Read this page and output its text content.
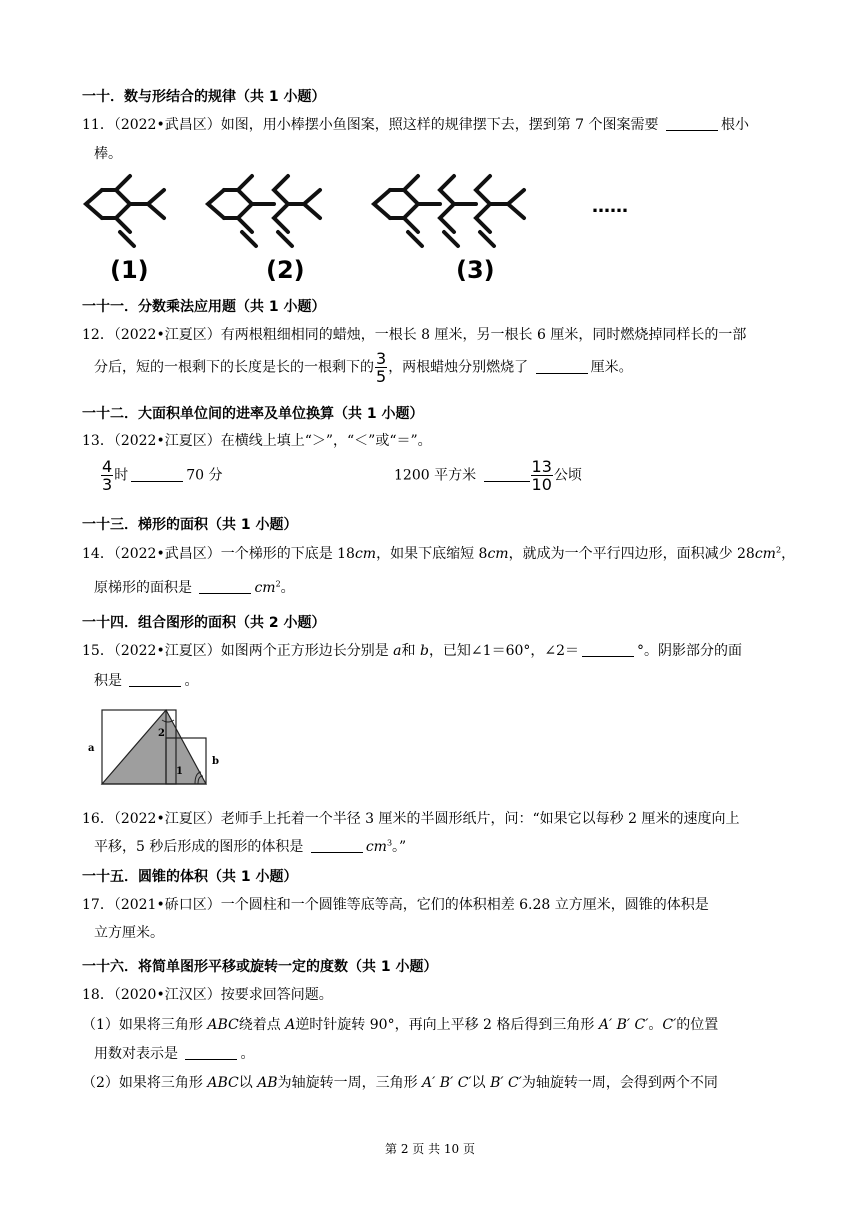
一十．数与形结合的规律（共 1 小题）
11．（2022•武昌区）如图，用小棒摆小鱼图案，照这样的规律摆下去，摆到第 7 个图案需要	根小
棒。
(1)	(2)	(3)
……
一十一．分数乘法应用题（共 1 小题）
12．（2022•江夏区）有两根粗细相同的蜡烛，一根长 8 厘米，另一根长 6 厘米，同时燃烧掉同样长的一部
分后，短的一根剩下的长度是长的一根剩下的 $\frac{3}{5}$ ，两根蜡烛分别燃烧了	厘米。
一十二．大面积单位间的进率及单位换算（共 1 小题）
13．（2022•江夏区）在横线上填上“＞”，“＜”或“＝”。
$\frac{4}{3}$ 时	70 分	1200 平方米	$\frac{13}{10}$ 公顷
一十三．梯形的面积（共 1 小题）
14．（2022•武昌区）一个梯形的下底是 18cm，如果下底缩短 8cm，就成为一个平行四边形，面积减少 $28cm^2$，
原梯形的面积是	$cm^2$。
一十四．组合图形的面积（共 2 小题）
15．（2022•江夏区）如图两个正方形边长分别是 a和 b，已知∠1＝60°，∠2＝	°。阴影部分的面
积是	。
a
b
1
2
16．（2022•江夏区）老师手上托着一个半径 3 厘米的半圆形纸片，问：“如果它以每秒 2 厘米的速度向上
平移，5 秒后形成的图形的体积是	$cm^3$。”
一十五．圆锥的体积（共 1 小题）
17．（2021•硚口区）一个圆柱和一个圆锥等底等高，它们的体积相差 6.28 立方厘米，圆锥的体积是
立方厘米。
一十六．将简单图形平移或旋转一定的度数（共 1 小题）
18．（2020•江汉区）按要求回答问题。
（1）如果将三角形 ABC绕着点 A逆时针旋转 90°，再向上平移 2 格后得到三角形 A′ B′ C′。C′的位置
用数对表示是	。
（2）如果将三角形 ABC以 AB为轴旋转一周，三角形 A′ B′ C′以 B′ C′为轴旋转一周，会得到两个不同
第 2 页 共 10 页
